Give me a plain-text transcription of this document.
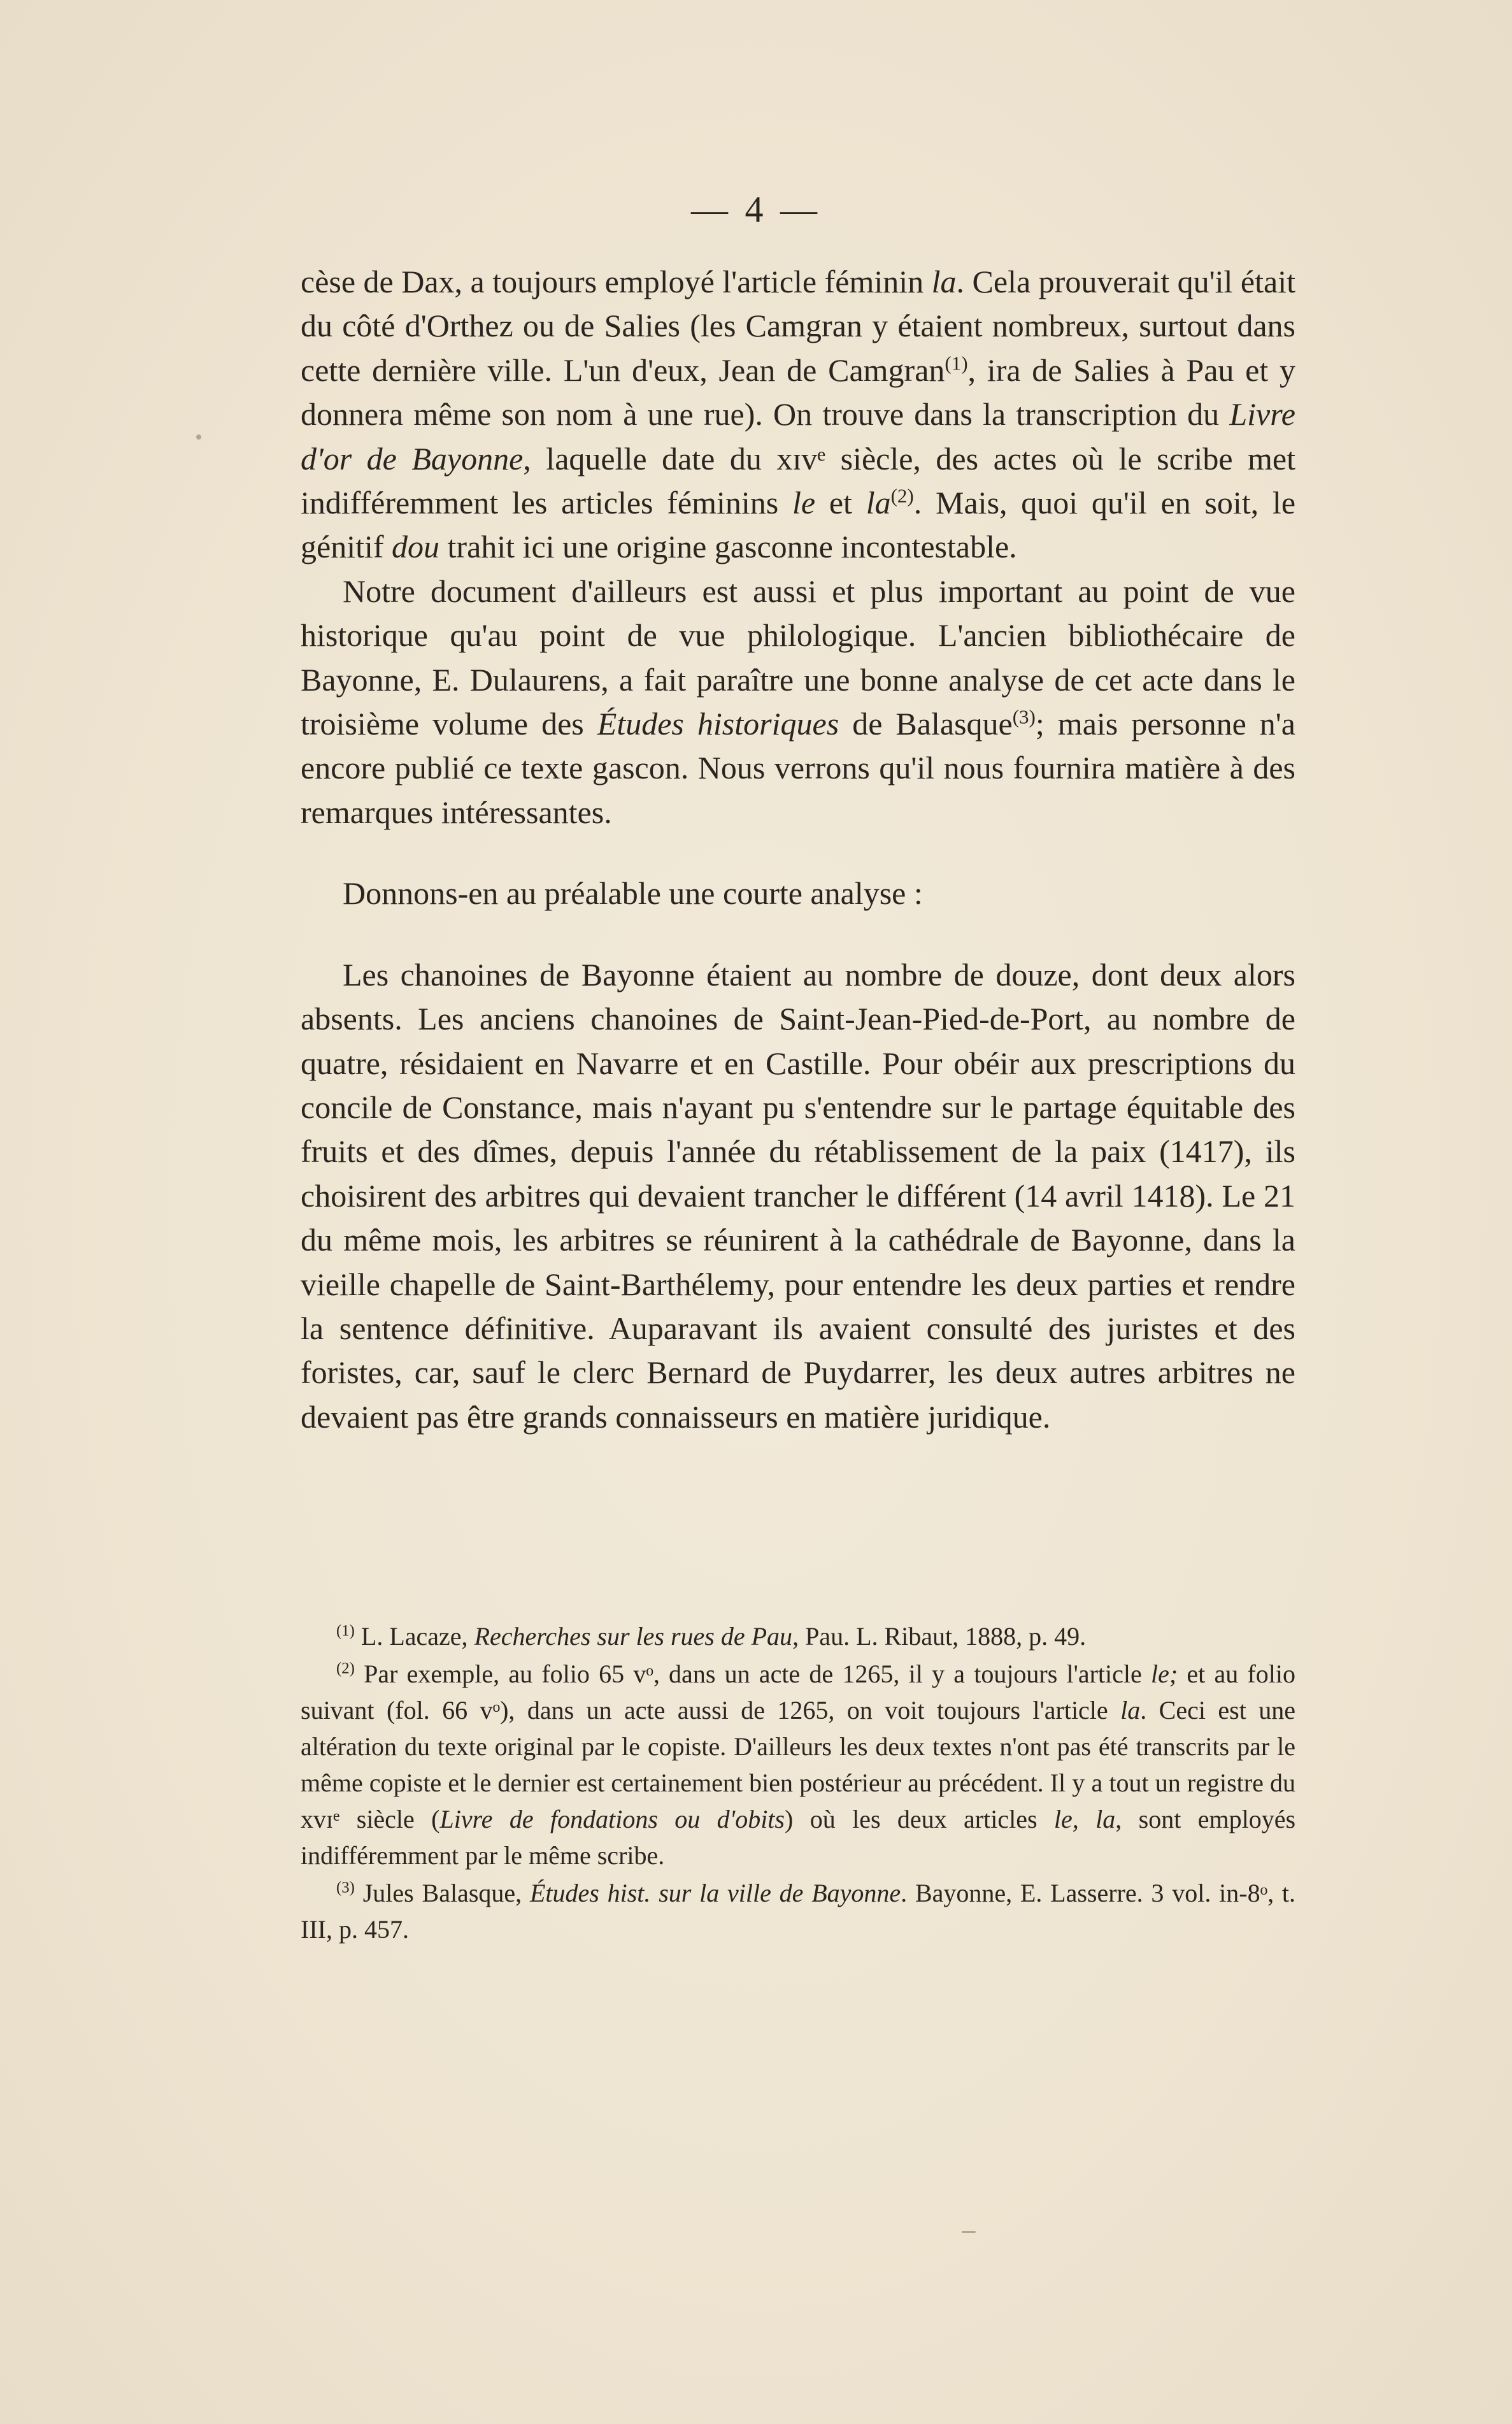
— 4 —

cèse de Dax, a toujours employé l'article féminin la. Cela prouverait qu'il était du côté d'Orthez ou de Salies (les Camgran y étaient nombreux, surtout dans cette dernière ville. L'un d'eux, Jean de Camgran$^{(1)}$, ira de Salies à Pau et y donnera même son nom à une rue). On trouve dans la transcription du Livre d'or de Bayonne, laquelle date du xɪvᵉ siècle, des actes où le scribe met indifféremment les articles féminins le et $la^{(2)}$. Mais, quoi qu'il en soit, le génitif dou trahit ici une origine gasconne incontestable.

Notre document d'ailleurs est aussi et plus important au point de vue historique qu'au point de vue philologique. L'ancien bibliothécaire de Bayonne, E. Dulaurens, a fait paraître une bonne analyse de cet acte dans le troisième volume des Études historiques de Balasque$^{(3)}$; mais personne n'a encore publié ce texte gascon. Nous verrons qu'il nous fournira matière à des remarques intéressantes.

Donnons-en au préalable une courte analyse :

Les chanoines de Bayonne étaient au nombre de douze, dont deux alors absents. Les anciens chanoines de Saint-Jean-Pied-de-Port, au nombre de quatre, résidaient en Navarre et en Castille. Pour obéir aux prescriptions du concile de Constance, mais n'ayant pu s'entendre sur le partage équitable des fruits et des dîmes, depuis l'année du rétablissement de la paix (1417), ils choisirent des arbitres qui devaient trancher le différent (14 avril 1418). Le 21 du même mois, les arbitres se réunirent à la cathédrale de Bayonne, dans la vieille chapelle de Saint-Barthélemy, pour entendre les deux parties et rendre la sentence définitive. Auparavant ils avaient consulté des juristes et des foristes, car, sauf le clerc Bernard de Puydarrer, les deux autres arbitres ne devaient pas être grands connaisseurs en matière juridique.

$^{(1)}$ L. Lacaze, Recherches sur les rues de Pau, Pau. L. Ribaut, 1888, p. 49.

$^{(2)}$ Par exemple, au folio 65 vᵒ, dans un acte de 1265, il y a toujours l'article le; et au folio suivant (fol. 66 vᵒ), dans un acte aussi de 1265, on voit toujours l'article la. Ceci est une altération du texte original par le copiste. D'ailleurs les deux textes n'ont pas été transcrits par le même copiste et le dernier est certainement bien postérieur au précédent. Il y a tout un registre du xvɪᵉ siècle (Livre de fondations ou d'obits) où les deux articles le, la, sont employés indifféremment par le même scribe.

$^{(3)}$ Jules Balasque, Études hist. sur la ville de Bayonne. Bayonne, E. Lasserre. 3 vol. in-8ᵒ, t. III, p. 457.
